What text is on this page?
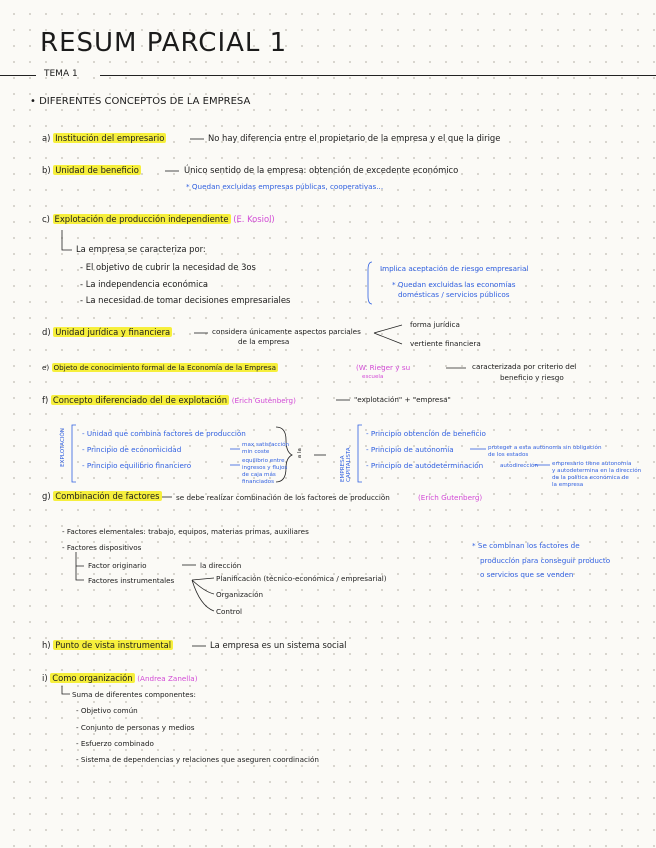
RESUM PARCIAL 1
TEMA 1
• DIFERENTES CONCEPTOS DE LA EMPRESA
a) Institución del empresario	No hay diferencia entre el propietario de la empresa y el que la dirige
b) Unidad de beneficio	Único sentido de la empresa: obtención de excedente económico
* Quedan excluidas empresas públicas, cooperativas...
c) Explotación de producción independiente (E. Kosiol)
La empresa se caracteriza por:
- El objetivo de cubrir la necesidad de 3os
- La independencia económica
- La necesidad de tomar decisiones empresariales
Implica aceptación de riesgo empresarial
* Quedan excluidas las economías
domésticas / servicios públicos
d) Unidad jurídica y financiera	considera únicamente aspectos parciales
de la empresa
forma jurídica
vertiente financiera
e) Objeto de conocimiento formal de la Economía de la Empresa	(W. Rieger y su
escuela
caracterizada por criterio del
beneficio y riesgo
f) Concepto diferenciado del de explotación (Erich Gutenberg)	"explotación" + "empresa"
EXPLOTACIÓN - Unidad que combina factores de producción
- Principio de economicidad
- Principio equilibrio financiero
max satisfacción
min coste
equilibrio entre
ingresos y flujos
de caja más
financiados
a la
EMPRESA CAPITALISTA
- Principio obtención de beneficio
- Principio de autonomía
- Principio de autodeterminación
proteger a esta autónoma sin obligación
de los estados
autodirección	empresario tiene autonomía
y autodetermina en la dirección
de la política económica de
la empresa
g) Combinación de factores se debe realizar combinación de los factores de producción	(Erich Gutenberg)
- Factores elementales: trabajo, equipos, materias primas, auxiliares
- Factores dispositivos
Factor originario	la dirección
Factores instrumentales	Planificación (técnico-económica / empresarial)
Organización
Control
* Se combinan los factores de
producción para conseguir producto
o servicios que se venden
h) Punto de vista instrumental	La empresa es un sistema social
i) Como organización (Andrea Zanella)
Suma de diferentes componentes:
- Objetivo común
- Conjunto de personas y medios
- Esfuerzo combinado
- Sistema de dependencias y relaciones que aseguren coordinación
